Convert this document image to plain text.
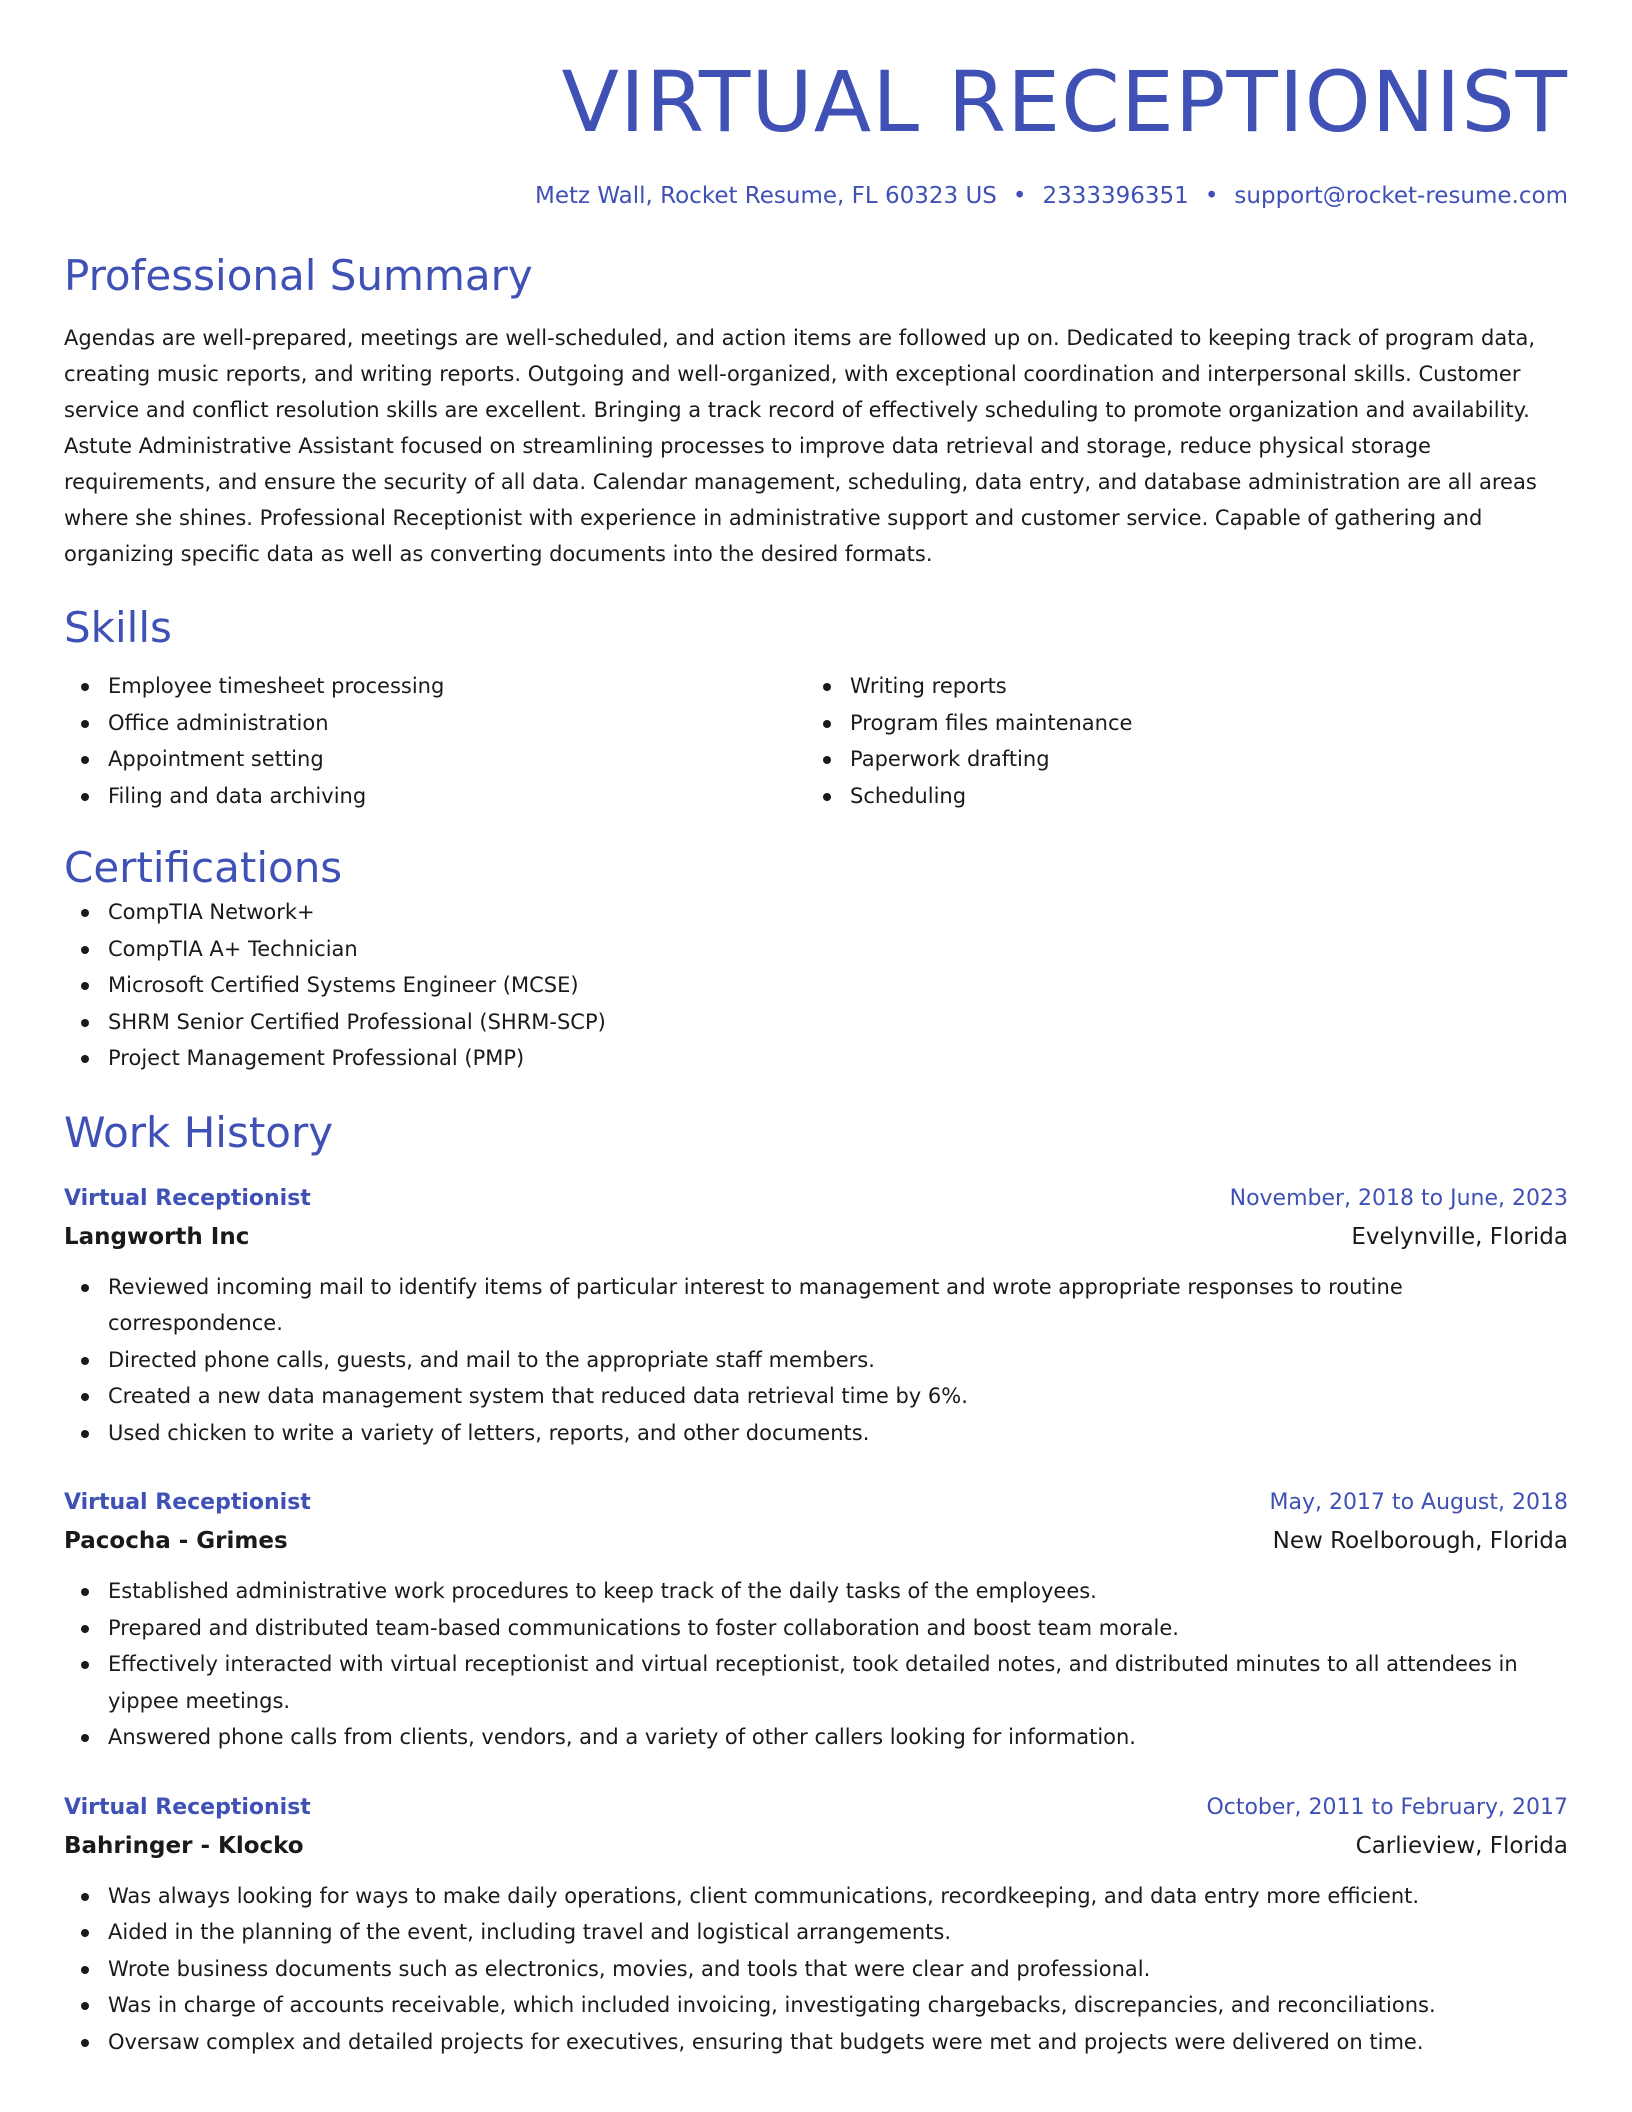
VIRTUAL RECEPTIONIST
Metz Wall, Rocket Resume, FL 60323 US • 2333396351 • support@rocket-resume.com
Professional Summary

Agendas are well-prepared, meetings are well-scheduled, and action items are followed up on. Dedicated to keeping track of program data, creating music reports, and writing reports. Outgoing and well-organized, with exceptional coordination and interpersonal skills. Customer service and conflict resolution skills are excellent. Bringing a track record of effectively scheduling to promote organization and availability. Astute Administrative Assistant focused on streamlining processes to improve data retrieval and storage, reduce physical storage requirements, and ensure the security of all data. Calendar management, scheduling, data entry, and database administration are all areas where she shines. Professional Receptionist with experience in administrative support and customer service. Capable of gathering and organizing specific data as well as converting documents into the desired formats.

Skills
Employee timesheet processing
Office administration
Appointment setting
Filing and data archiving
Writing reports
Program files maintenance
Paperwork drafting
Scheduling
Certifications
CompTIA Network+
CompTIA A+ Technician
Microsoft Certified Systems Engineer (MCSE)
SHRM Senior Certified Professional (SHRM-SCP)
Project Management Professional (PMP)
Work History
Virtual Receptionist	November, 2018 to June, 2023
Langworth Inc	Evelynville, Florida
Reviewed incoming mail to identify items of particular interest to management and wrote appropriate responses to routine correspondence.
Directed phone calls, guests, and mail to the appropriate staff members.
Created a new data management system that reduced data retrieval time by 6%.
Used chicken to write a variety of letters, reports, and other documents.
Virtual Receptionist	May, 2017 to August, 2018
Pacocha - Grimes	New Roelborough, Florida
Established administrative work procedures to keep track of the daily tasks of the employees.
Prepared and distributed team-based communications to foster collaboration and boost team morale.
Effectively interacted with virtual receptionist and virtual receptionist, took detailed notes, and distributed minutes to all attendees in yippee meetings.
Answered phone calls from clients, vendors, and a variety of other callers looking for information.
Virtual Receptionist	October, 2011 to February, 2017
Bahringer - Klocko	Carlieview, Florida
Was always looking for ways to make daily operations, client communications, recordkeeping, and data entry more efficient.
Aided in the planning of the event, including travel and logistical arrangements.
Wrote business documents such as electronics, movies, and tools that were clear and professional.
Was in charge of accounts receivable, which included invoicing, investigating chargebacks, discrepancies, and reconciliations.
Oversaw complex and detailed projects for executives, ensuring that budgets were met and projects were delivered on time.
